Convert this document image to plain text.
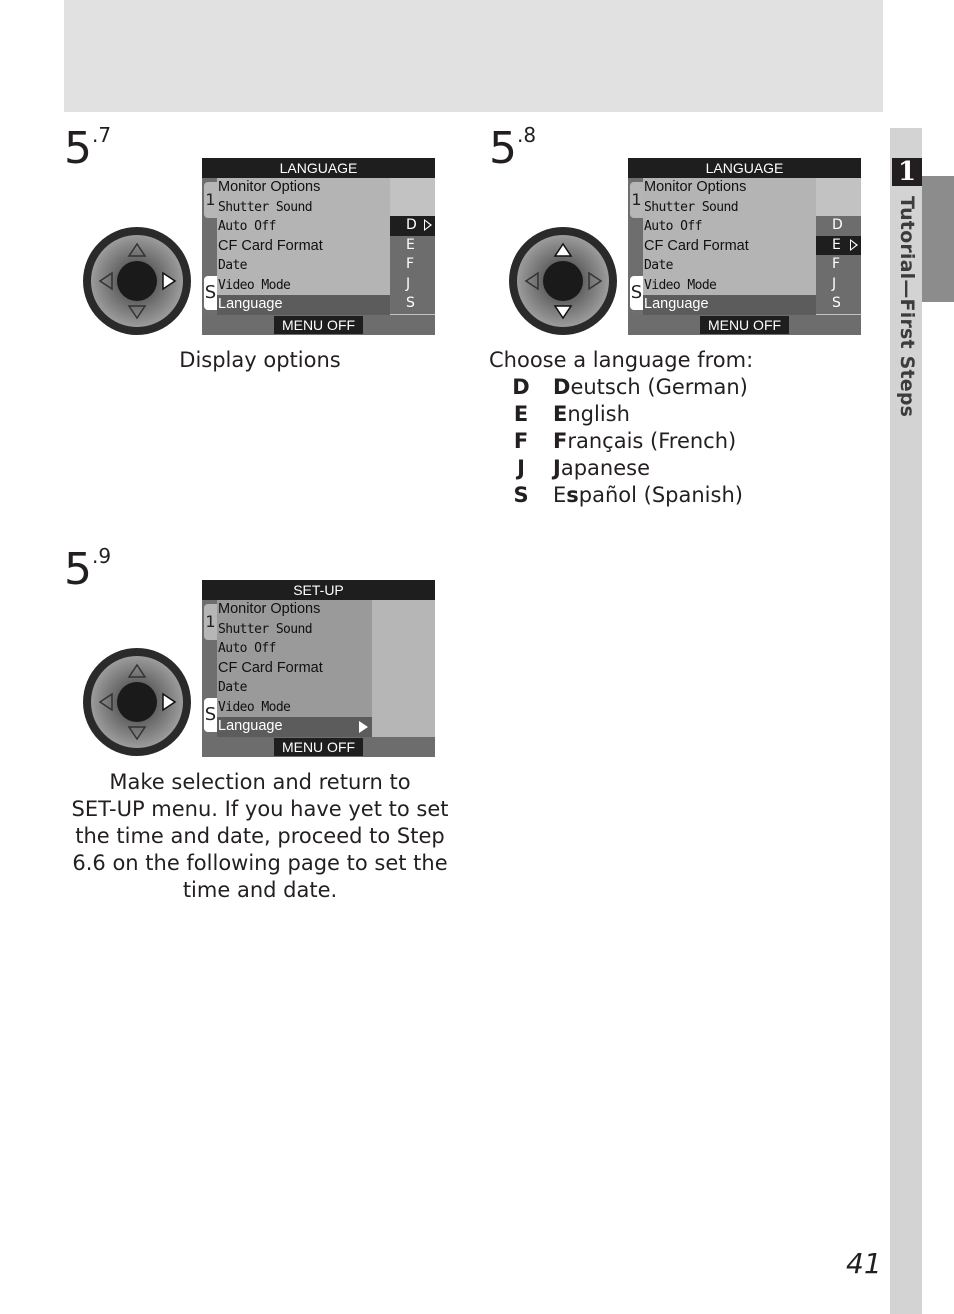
1
Tutorial—First Steps
$5^{.7}$
LANGUAGE
1
S
Monitor Options
Shutter Sound
Auto Off
CF Card Format
Date
Video Mode
Language
D
E
F
J
S
MENU OFF
Display options
$5^{.8}$
LANGUAGE
1
S
Monitor Options
Shutter Sound
Auto Off
CF Card Format
Date
Video Mode
Language
D
E
F
J
S
MENU OFF
Choose a language from:
D	Deutsch (German)
E	English
F	Français (French)
J	Japanese
S	Español (Spanish)
$5^{.9}$
SET-UP
1
S
Monitor Options
Shutter Sound
Auto Off
CF Card Format
Date
Video Mode
Language
MENU OFF
Make selection and return to
SET-UP menu. If you have yet to set
the time and date, proceed to Step
6.6 on the following page to set the
time and date.
41
